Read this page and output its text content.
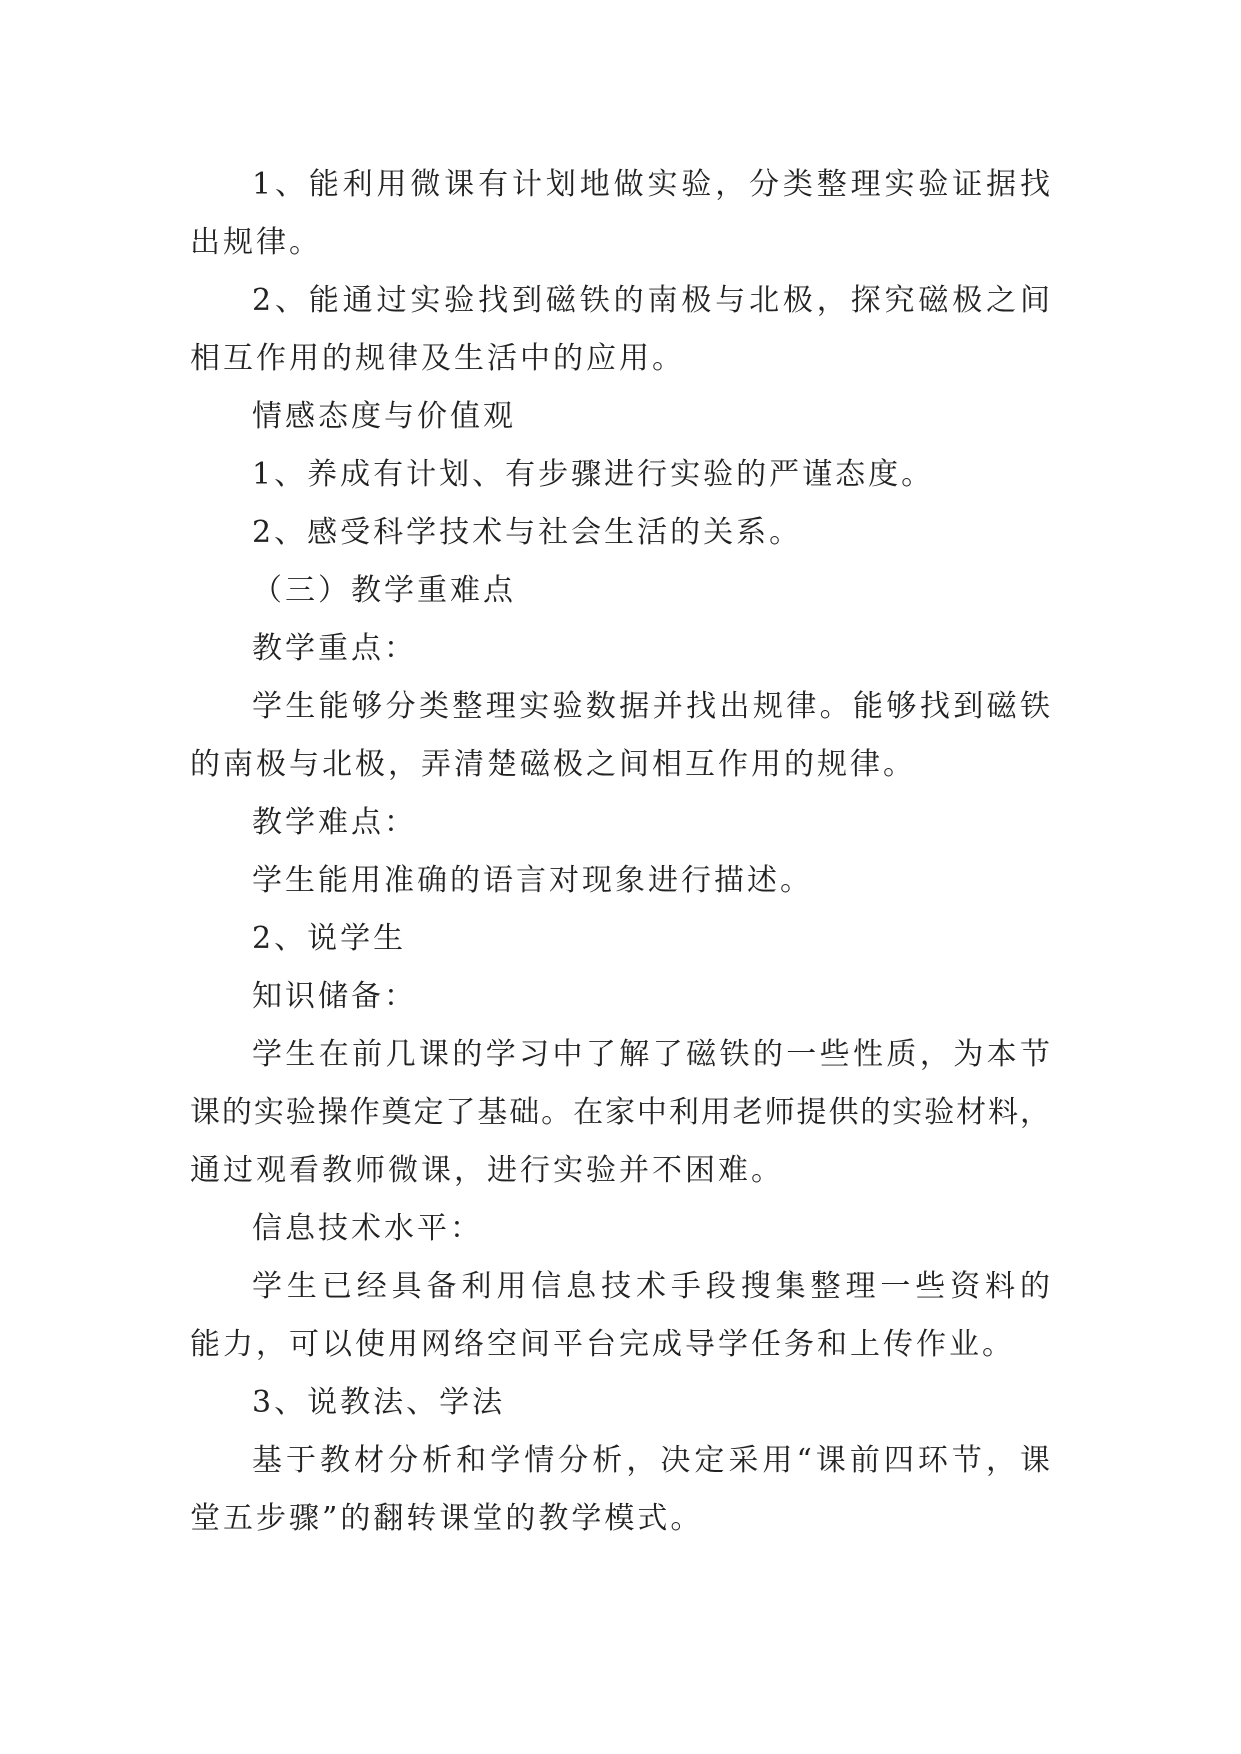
1、能利用微课有计划地做实验，分类整理实验证据找
出规律。
2、能通过实验找到磁铁的南极与北极，探究磁极之间
相互作用的规律及生活中的应用。
情感态度与价值观
1、养成有计划、有步骤进行实验的严谨态度。
2、感受科学技术与社会生活的关系。
（三）教学重难点
教学重点：
学生能够分类整理实验数据并找出规律。能够找到磁铁
的南极与北极，弄清楚磁极之间相互作用的规律。
教学难点：
学生能用准确的语言对现象进行描述。
2、说学生
知识储备：
学生在前几课的学习中了解了磁铁的一些性质，为本节
课的实验操作奠定了基础。在家中利用老师提供的实验材料，
通过观看教师微课，进行实验并不困难。
信息技术水平：
学生已经具备利用信息技术手段搜集整理一些资料的
能力，可以使用网络空间平台完成导学任务和上传作业。
3、说教法、学法
基于教材分析和学情分析，决定采用“课前四环节，课
堂五步骤”的翻转课堂的教学模式。
